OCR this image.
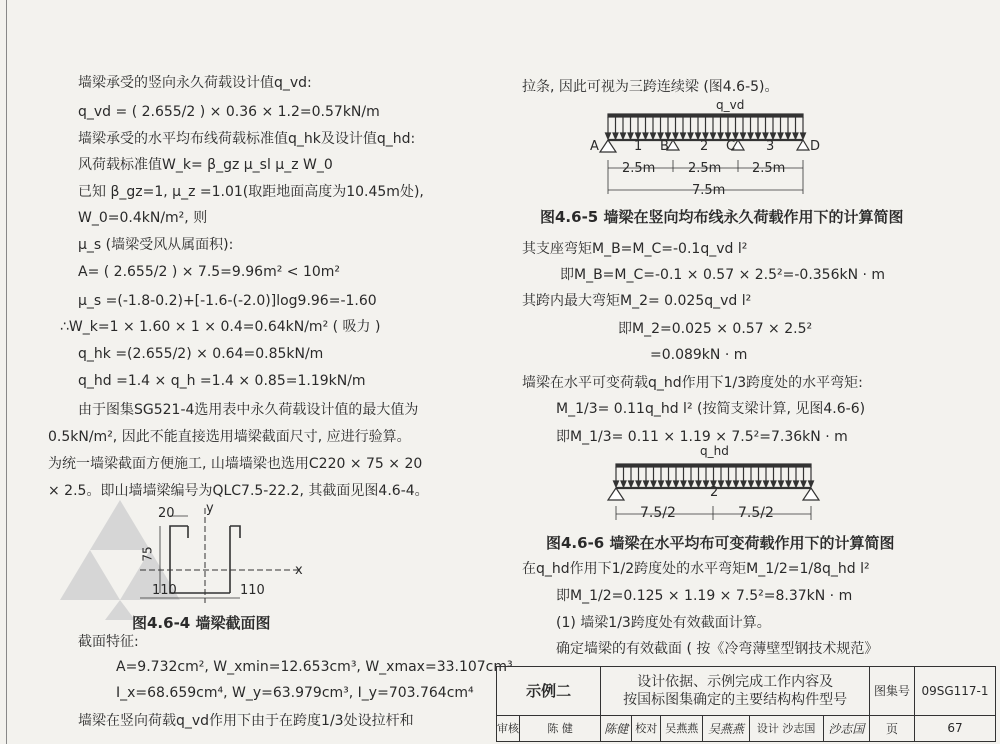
墙梁承受的竖向永久荷载设计值q_vd:
q_vd = ( 2.655/2 ) × 0.36 × 1.2=0.57kN/m
墙梁承受的水平均布线荷载标准值q_hk及设计值q_hd:
风荷载标准值W_k= β_gz μ_sl μ_z W_0
已知 β_gz=1, μ_z =1.01(取距地面高度为10.45m处),
W_0=0.4kN/m², 则
μ_s (墙梁受风从属面积):
A= ( 2.655/2 ) × 7.5=9.96m² < 10m²
μ_s =(-1.8-0.2)+[-1.6-(-2.0)]log9.96=-1.60
∴W_k=1 × 1.60 × 1 × 0.4=0.64kN/m² ( 吸力 )
q_hk =(2.655/2) × 0.64=0.85kN/m
q_hd =1.4 × q_h =1.4 × 0.85=1.19kN/m
由于图集SG521-4选用表中永久荷载设计值的最大值为
0.5kN/m², 因此不能直接选用墙梁截面尺寸, 应进行验算。
为统一墙梁截面方便施工, 山墙墙梁也选用C220 × 75 × 20
× 2.5。即山墙墙梁编号为QLC7.5-22.2, 其截面见图4.6-4。
20 y
75
x
110	110
图4.6-4 墙梁截面图
截面特征:
A=9.732cm², W_xmin=12.653cm³, W_xmax=33.107cm³
I_x=68.659cm⁴, W_y=63.979cm³, I_y=703.764cm⁴
墙梁在竖向荷载q_vd作用下由于在跨度1/3处设拉杆和
拉条, 因此可视为三跨连续梁 (图4.6-5)。
q_vd
A	1 B 2 C 3	D
2.5m	2.5m 2.5m
7.5m
图4.6-5 墙梁在竖向均布线永久荷载作用下的计算简图
其支座弯矩M_B=M_C=-0.1q_vd l²
即M_B=M_C=-0.1 × 0.57 × 2.5²=-0.356kN · m
其跨内最大弯矩M_2= 0.025q_vd l²
即M_2=0.025 × 0.57 × 2.5²
=0.089kN · m
墙梁在水平可变荷载q_hd作用下1/3跨度处的水平弯矩:
M_1/3= 0.11q_hd l² (按简支梁计算, 见图4.6-6)
即M_1/3= 0.11 × 1.19 × 7.5²=7.36kN · m
q_hd
2
7.5/2	7.5/2
图4.6-6 墙梁在水平均布可变荷载作用下的计算简图
在q_hd作用下1/2跨度处的水平弯矩M_1/2=1/8q_hd l²
即M_1/2=0.125 × 1.19 × 7.5²=8.37kN · m
(1) 墙梁1/3跨度处有效截面计算。
确定墙梁的有效截面 ( 按《冷弯薄壁型钢技术规范》
示例二		设计依据、示例完成工作内容及
按国标图集确定的主要结构构件型号						图集号	09SG117-1
审核	陈 健	陈健	校对	吴燕燕	吴燕燕	设计 沙志国	沙志国	页	67
